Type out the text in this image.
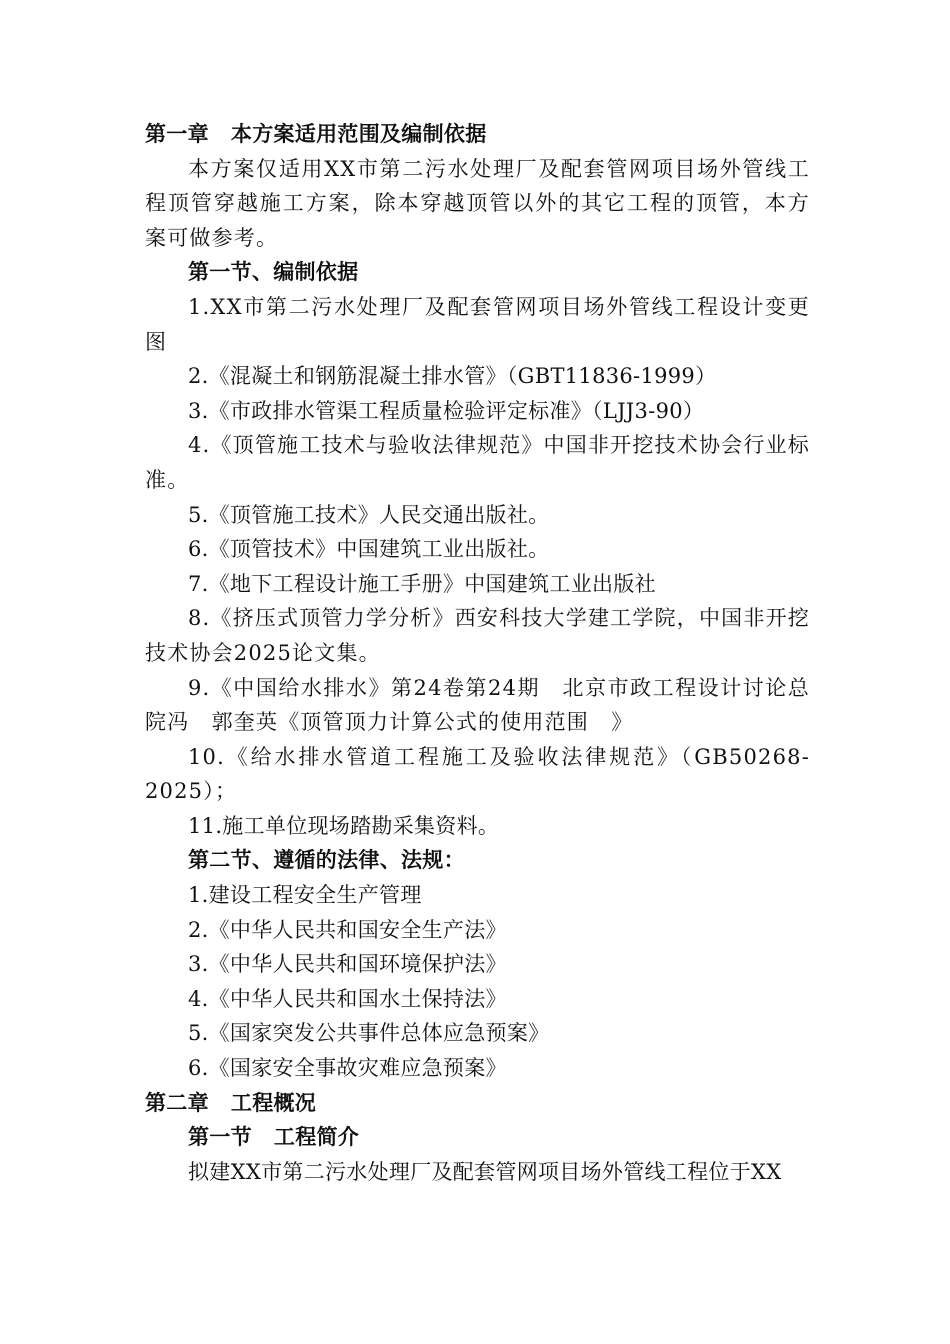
第一章 本方案适用范围及编制依据
本方案仅适用XX市第二污水处理厂及配套管网项目场外管线工程顶管穿越施工方案，除本穿越顶管以外的其它工程的顶管，本方案可做参考。
第一节、编制依据
1.XX市第二污水处理厂及配套管网项目场外管线工程设计变更图
2.《混凝土和钢筋混凝土排水管》（GBT11836-1999）
3.《市政排水管渠工程质量检验评定标准》（LJJ3-90）
4.《顶管施工技术与验收法律规范》中国非开挖技术协会行业标准。
5.《顶管施工技术》人民交通出版社。
6.《顶管技术》中国建筑工业出版社。
7.《地下工程设计施工手册》中国建筑工业出版社
8.《挤压式顶管力学分析》西安科技大学建工学院，中国非开挖技术协会2025论文集。
9.《中国给水排水》第24卷第24期　北京市政工程设计讨论总院冯　郭奎英《顶管顶力计算公式的使用范围　》
10.《给水排水管道工程施工及验收法律规范》（GB50268-2025）；
11.施工单位现场踏勘采集资料。
第二节、遵循的法律、法规：
1.建设工程安全生产管理
2.《中华人民共和国安全生产法》
3.《中华人民共和国环境保护法》
4.《中华人民共和国水土保持法》
5.《国家突发公共事件总体应急预案》
6.《国家安全事故灾难应急预案》
第二章 工程概况
第一节 工程简介
拟建XX市第二污水处理厂及配套管网项目场外管线工程位于XX
